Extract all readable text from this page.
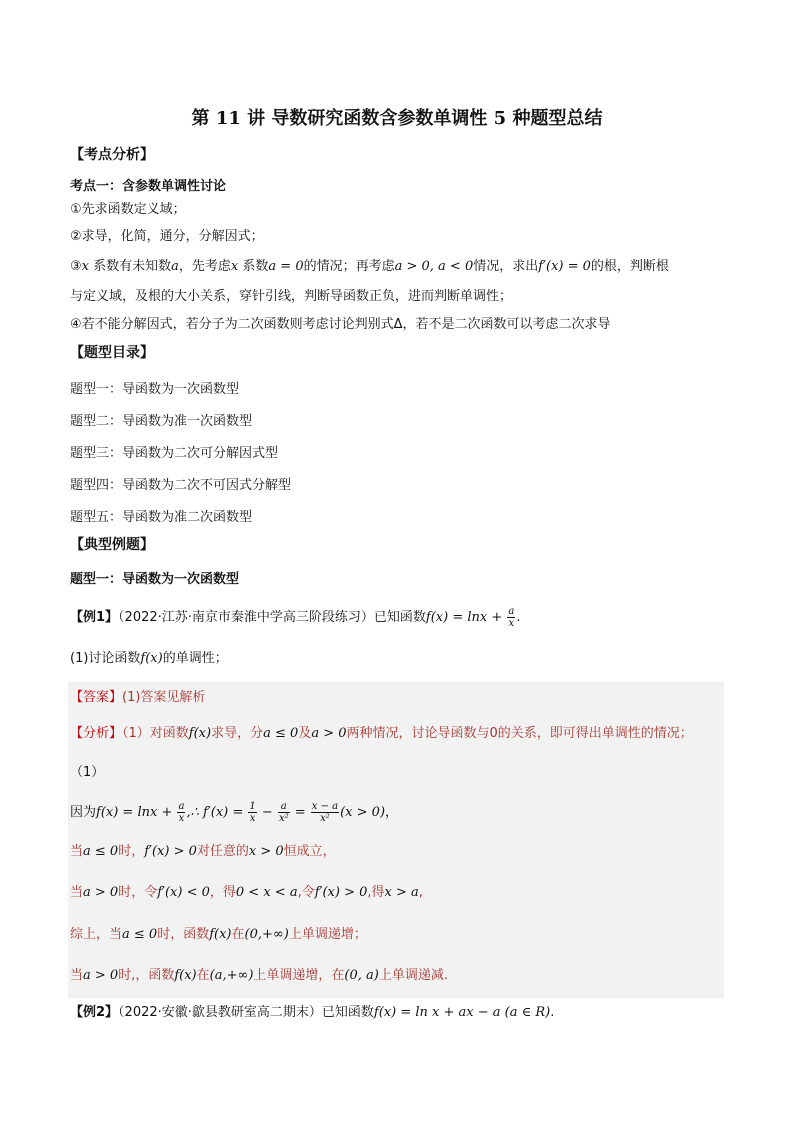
第 11 讲 导数研究函数含参数单调性 5 种题型总结
【考点分析】
考点一：含参数单调性讨论
①先求函数定义域；
②求导，化简，通分，分解因式；
③x 系数有未知数a，先考虑x 系数a = 0的情况；再考虑a > 0, a < 0情况，求出f′(x) = 0的根，判断根
与定义域，及根的大小关系，穿针引线，判断导函数正负，进而判断单调性；
④若不能分解因式，若分子为二次函数则考虑讨论判别式Δ，若不是二次函数可以考虑二次求导
【题型目录】
题型一：导函数为一次函数型
题型二：导函数为准一次函数型
题型三：导函数为二次可分解因式型
题型四：导函数为二次不可因式分解型
题型五：导函数为准二次函数型
【典型例题】
题型一：导函数为一次函数型
【例1】（2022·江苏·南京市秦淮中学高三阶段练习）已知函数$f(x) = \ln x + \frac{a}{x}$ .
(1)讨论函数f(x)的单调性；
【答案】(1)答案见解析
【分析】（1）对函数f(x)求导，分a ≤ 0及a > 0两种情况，讨论导函数与0的关系，即可得出单调性的情况；
（1）
因为$f(x) = \ln x + \frac{a}{x}$ ,∴ $f'(x) = \frac{1}{x} - \frac{a}{\text{x²}} = \frac{x - a}{\text{x²}} (x > 0)$，
当a ≤ 0时，f′(x) > 0对任意的x > 0恒成立，
当a > 0时，令f′(x) < 0，得0 < x < a,令f′(x) > 0,得x > a,
综上，当a ≤ 0时，函数f(x)在(0,+∞)上单调递增；
当a > 0时,，函数f(x)在(a,+∞)上单调递增，在(0, a)上单调递减.
【例2】（2022·安徽·歙县教研室高二期末）已知函数f(x) = ln x + ax − a (a ∈ R).
